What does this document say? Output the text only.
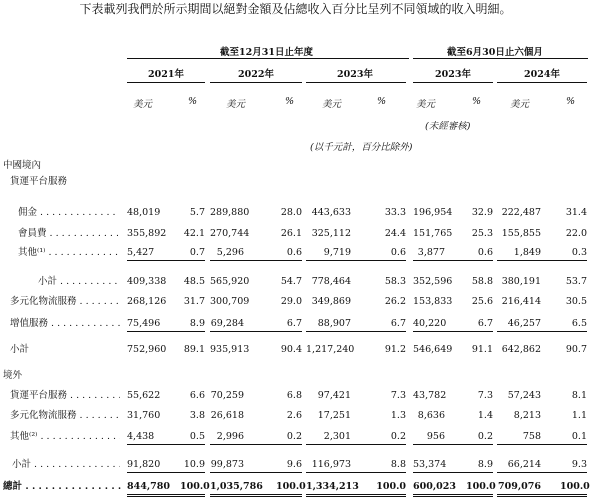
下表載列我們於所示期間以絕對金額及佔總收入百分比呈列不同領域的收入明細。
截至12月31日止年度	截至6月30日止六個月
2021年	2022年	2023年	2023年	2024年
美元	%	美元	%	美元	%	美元	%	美元	%
(未經審核)
(以千元計，百分比除外)
中國境內
境外
貨運平台服務
佣金 . . .	48,019	5.7 289,880	28.0	443,633	33.3 196,954	32.9 222,487	31.4
會員費 . . .	355,892	42.1 270,744	26.1	325,112	24.4 151,765	25.3 155,855	22.0
其他⁽¹⁾ . . .	5,427	0.7	5,296	0.6	9,719	0.6	3,877	0.6	1,849	0.3
小計 . . .	409,338	48.5 565,920	54.7	778,464	58.3 352,596	58.8 380,191	53.7
多元化物流服務 . . .	268,126	31.7 300,709	29.0	349,869	26.2 153,833	25.6 216,414	30.5
增值服務 . . .	75,496	8.9 69,284	6.7	88,907	6.7 40,220	6.7	46,257	6.5
小計	752,960	89.1 935,913	90.4 1,217,240	91.2 546,649	91.1 642,862	90.7
貨運平台服務 . . .	55,622	6.6 70,259	6.8	97,421	7.3 43,782	7.3	57,243	8.1
多元化物流服務 . . .	31,760	3.8 26,618	2.6	17,251	1.3	8,636	1.4	8,213	1.1
其他⁽²⁾ . . .	4,438	0.5	2,996	0.2	2,301	0.2	956	0.2	758	0.1
小計 . . .	91,820	10.9 99,873	9.6	116,973	8.8 53,374	8.9	66,214	9.3
總計 . . .	844,780 100.0 1,035,786 100.0 1,334,213	100.0 600,023 100.0 709,076 100.0
